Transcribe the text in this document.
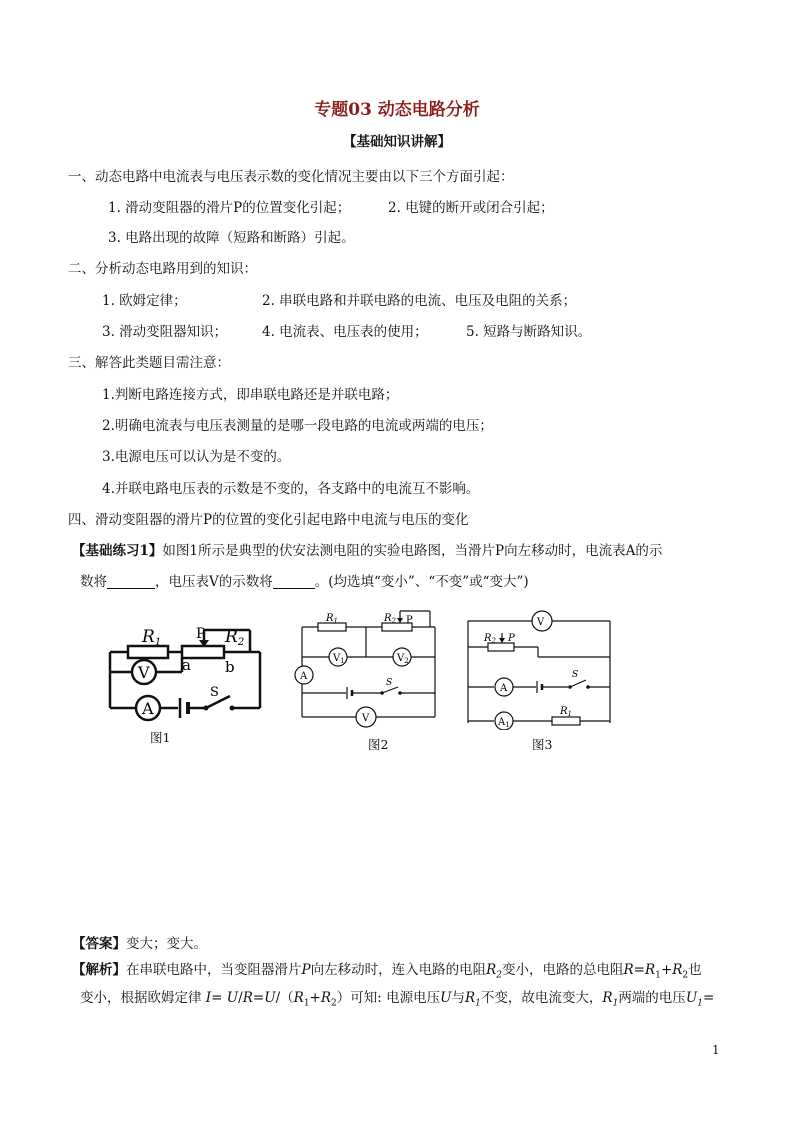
专题03 动态电路分析
【基础知识讲解】
一、动态电路中电流表与电压表示数的变化情况主要由以下三个方面引起：
1. 滑动变阻器的滑片P的位置变化引起；	2. 电键的断开或闭合引起；
3. 电路出现的故障（短路和断路）引起。
二、分析动态电路用到的知识：
1. 欧姆定律；	2. 串联电路和并联电路的电流、电压及电阻的关系；
3. 滑动变阻器知识；	4. 电流表、电压表的使用；	5. 短路与断路知识。
三、解答此类题目需注意：
1.判断电路连接方式，即串联电路还是并联电路；
2.明确电流表与电压表测量的是哪一段电路的电流或两端的电压；
3.电源电压可以认为是不变的。
4.并联电路电压表的示数是不变的，各支路中的电流互不影响。
四、滑动变阻器的滑片P的位置的变化引起电路中电流与电压的变化
【基础练习1】如图1所示是典型的伏安法测电阻的实验电路图，当滑片P向左移动时，电流表A的示
数将	，电压表V的示数将	。(均选填“变小”、“不变”或“变大”)
R1
P R2
a b
V
A
S
图1
$R_1$	$R_2$ P
$V_1$	$V_2$
A
S
V
图2
V
$R_2$ P
A
S
$A_1$
$R_1$
图3
【答案】变大；变大。
【解析】在串联电路中，当变阻器滑片P向左移动时，连入电路的电阻$R_2$变小，电路的总电阻$R=R_1+R_2$也
变小，根据欧姆定律 $I= U/R=U/(R_1+R_2)$可知: 电源电压U与$R_1$不变，故电流变大，$R_1$两端的电压$U_1=$
1
